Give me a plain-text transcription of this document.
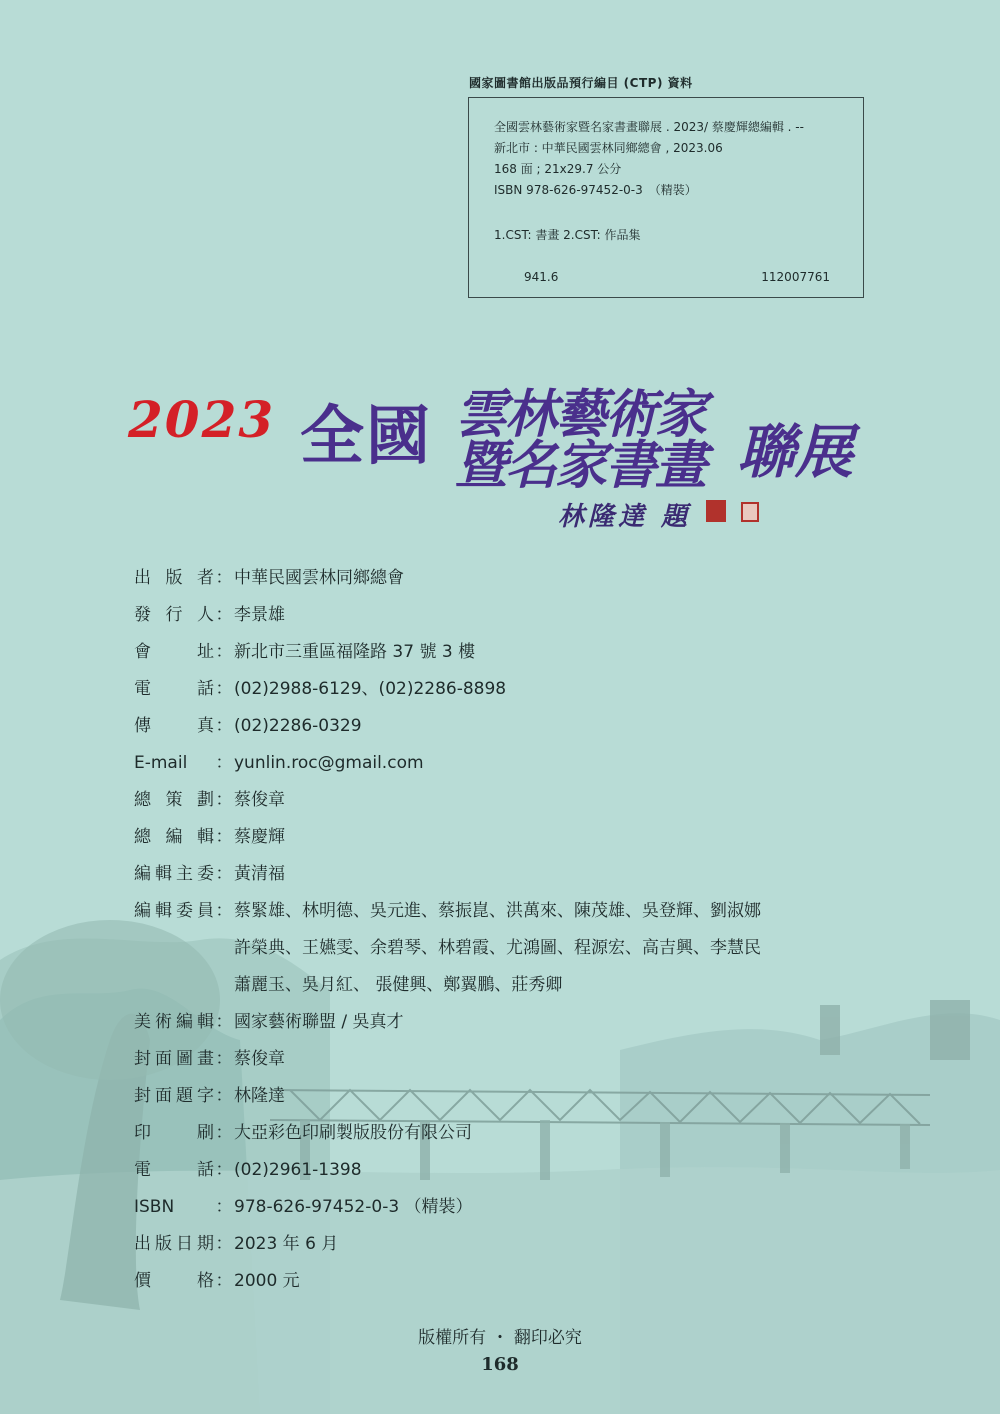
國家圖書館出版品預行編目 (CTP) 資料
全國雲林藝術家暨名家書畫聯展 . 2023/ 蔡慶輝總編輯 . --
新北市 : 中華民國雲林同鄉總會 , 2023.06
168 面 ; 21x29.7 公分
ISBN 978-626-97452-0-3　（精裝）
1.CST: 書畫 2.CST: 作品集
941.6	112007761
2023 全國 雲林藝術家
暨名家書畫 聯展
林隆達 題
出版者：中華民國雲林同鄉總會
發行人：李景雄
會址：新北市三重區福隆路 37 號 3 樓
電話：(02)2988-6129、(02)2286-8898
傳真：(02)2286-0329
E-mail ：yunlin.roc@gmail.com
總策劃：蔡俊章
總編輯：蔡慶輝
編輯主委：黃清福
編輯委員：蔡緊雄、林明德、吳元進、蔡振崑、洪萬來、陳茂雄、吳登輝、劉淑娜
許榮典、王嬿雯、余碧琴、林碧霞、尤鴻圖、程源宏、高吉興、李慧民
蕭麗玉、吳月紅、 張健興、鄭翼鵬、莊秀卿
美術編輯：國家藝術聯盟 / 吳真才
封面圖畫：蔡俊章
封面題字：林隆達
印刷：大亞彩色印刷製版股份有限公司
電話：(02)2961-1398
ISBN ：978-626-97452-0-3 （精裝）
出版日期：2023 年 6 月
價格：2000 元
版權所有 ・ 翻印必究
168
